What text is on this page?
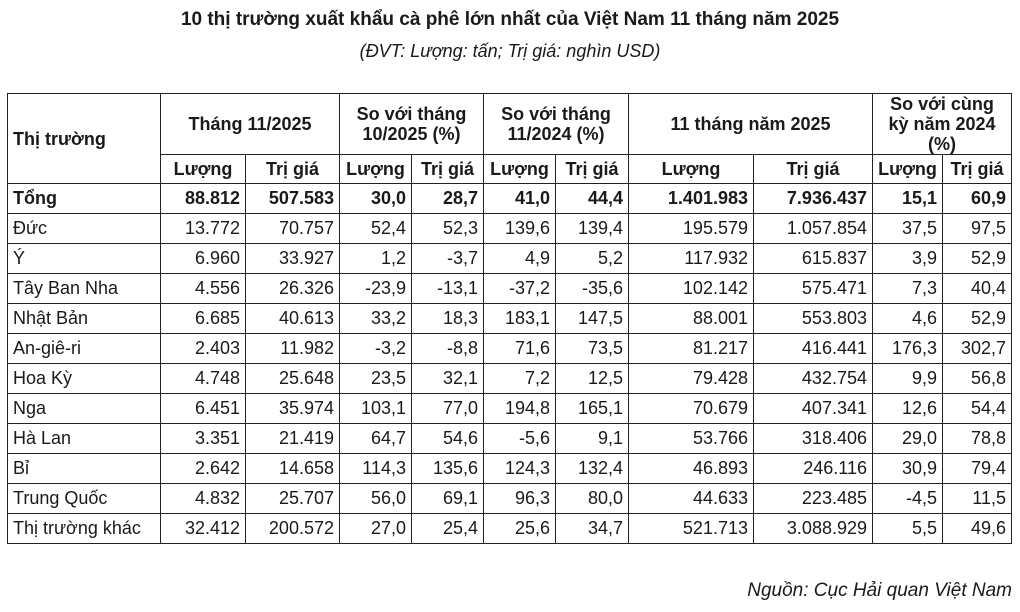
10 thị trường xuất khẩu cà phê lớn nhất của Việt Nam 11 tháng năm 2025
(ĐVT: Lượng: tấn; Trị giá: nghìn USD)
Thị trường	Tháng 11/2025		So với tháng 10/2025 (%)		So với tháng 11/2024 (%)		11 tháng năm 2025		So với cùng kỳ năm 2024 (%)	
	Lượng	Trị giá	Lượng	Trị giá	Lượng	Trị giá	Lượng	Trị giá	Lượng	Trị giá
Tổng	88.812	507.583	30,0	28,7	41,0	44,4	1.401.983	7.936.437	15,1	60,9
Đức	13.772	70.757	52,4	52,3	139,6	139,4	195.579	1.057.854	37,5	97,5
Ý	6.960	33.927	1,2	-3,7	4,9	5,2	117.932	615.837	3,9	52,9
Tây Ban Nha	4.556	26.326	-23,9	-13,1	-37,2	-35,6	102.142	575.471	7,3	40,4
Nhật Bản	6.685	40.613	33,2	18,3	183,1	147,5	88.001	553.803	4,6	52,9
An-giê-ri	2.403	11.982	-3,2	-8,8	71,6	73,5	81.217	416.441	176,3	302,7
Hoa Kỳ	4.748	25.648	23,5	32,1	7,2	12,5	79.428	432.754	9,9	56,8
Nga	6.451	35.974	103,1	77,0	194,8	165,1	70.679	407.341	12,6	54,4
Hà Lan	3.351	21.419	64,7	54,6	-5,6	9,1	53.766	318.406	29,0	78,8
Bỉ	2.642	14.658	114,3	135,6	124,3	132,4	46.893	246.116	30,9	79,4
Trung Quốc	4.832	25.707	56,0	69,1	96,3	80,0	44.633	223.485	-4,5	11,5
Thị trường khác	32.412	200.572	27,0	25,4	25,6	34,7	521.713	3.088.929	5,5	49,6
Nguồn: Cục Hải quan Việt Nam
